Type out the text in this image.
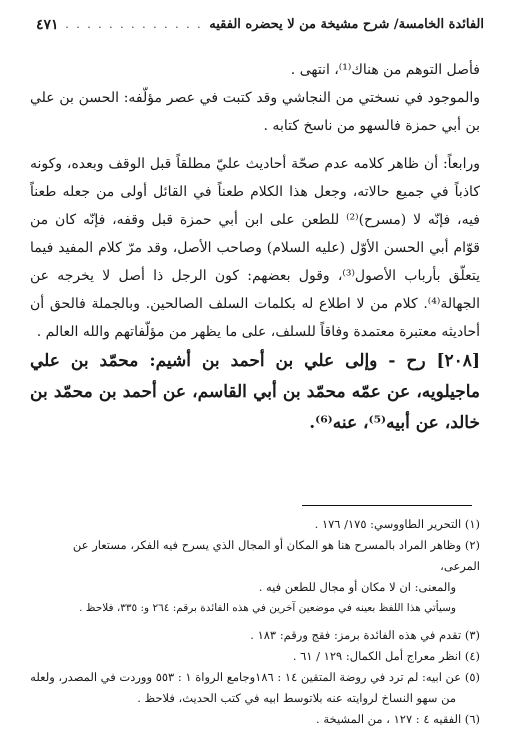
٤٧١ . . . . . . . . . . . . . الفائدة الخامسة/ شرح مشيخة من لا يحضره الفقيه

فأصل التوهم من هناك⁽¹⁾، انتهى .

والموجود في نسختي من النجاشي وقد كتبت في عصر مؤلّفه: الحسن بن علي بن أبي حمزة فالسهو من ناسخ كتابه .

ورابعاً: أن ظاهر كلامه عدم صحّة أحاديث عليّ مطلقاً قبل الوقف وبعده، وكونه كاذباً في جميع حالاته، وجعل هذا الكلام طعناً في القائل أولى من جعله طعناً فيه، فإنّه لا (مسرح)⁽²⁾ للطعن على ابن أبي حمزة قبل وقفه، فإنّه كان من قوّام أبي الحسن الأوّل (عليه السلام) وصاحب الأصل، وقد مرّ كلام المفيد فيما يتعلّق بأرباب الأصول⁽³⁾، وقول بعضهم: كون الرجل ذا أصل لا يخرجه عن الجهالة⁽⁴⁾. كلام من لا اطلاع له بكلمات السلف الصالحين. وبالجملة فالحق أن أحاديثه معتبرة معتمدة وفاقاً للسلف، على ما يظهر من مؤلّفاتهم والله العالم .

[٢٠٨] رح - وإلى علي بن أحمد بن أشيم: محمّد بن علي ماجيلويه، عن عمّه محمّد بن أبي القاسم، عن أحمد بن محمّد بن خالد، عن أبيه⁽⁵⁾، عنه⁽⁶⁾.

(١) التحرير الطاووسي: ١٧٥/ ١٧٦ .

(٢) وظاهر المراد بالمسرح هنا هو المكان أو المجال الذي يسرح فيه الفكر، مستعار عن المرعى،

والمعنى: ان لا مكان أو مجال للطعن فيه .

وسيأتي هذا اللفظ بعينه في موضعين آخرين في هذه الفائدة برقم: ٢٦٤ و: ٣٣٥، فلاحظ .

(٣) تقدم في هذه الفائدة برمز: فقج ورقم: ١٨٣ .

(٤) انظر معراج أمل الكمال: ١٢٩ / ٦١ .

(٥) عن ابيه: لم ترد في روضة المتقين ١٤ : ١٨٦وجامع الرواة ١ : ٥٥٣ ووردت في المصدر، ولعله

من سهو النساخ لروايته عنه بلاتوسط ابيه في كتب الحديث، فلاحظ .

(٦) الفقيه ٤ : ١٢٧ ، من المشيخة .
